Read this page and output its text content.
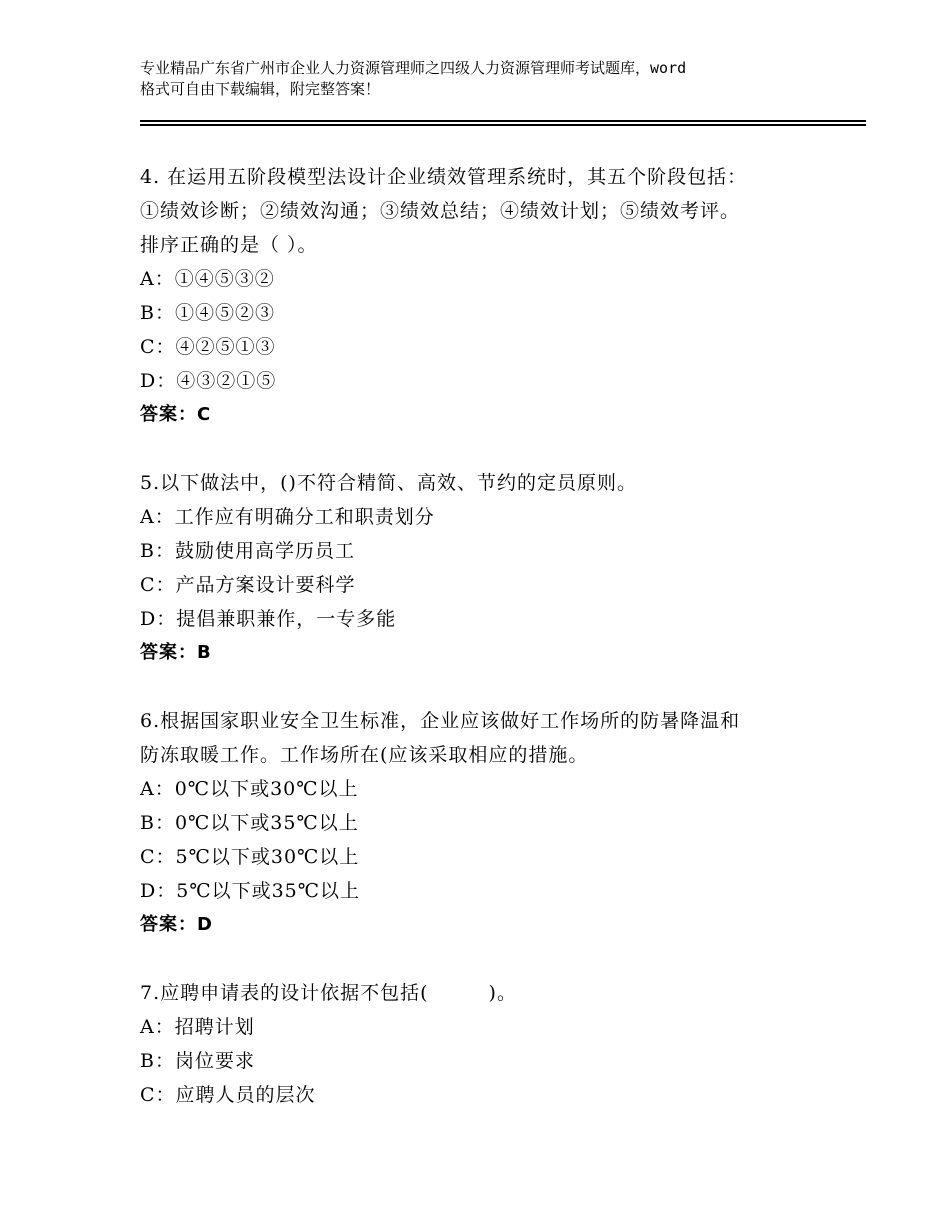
专业精品广东省广州市企业人力资源管理师之四级人力资源管理师考试题库，word
格式可自由下载编辑，附完整答案！
4. 在运用五阶段模型法设计企业绩效管理系统时，其五个阶段包括：
①绩效诊断；②绩效沟通；③绩效总结；④绩效计划；⑤绩效考评。
排序正确的是（ ）。
A：①④⑤③②
B：①④⑤②③
C：④②⑤①③
D：④③②①⑤
答案：C
5.以下做法中，()不符合精简、高效、节约的定员原则。
A：工作应有明确分工和职责划分
B：鼓励使用高学历员工
C：产品方案设计要科学
D：提倡兼职兼作，一专多能
答案：B
6.根据国家职业安全卫生标准，企业应该做好工作场所的防暑降温和
防冻取暖工作。工作场所在(应该采取相应的措施。
A：0℃以下或30℃以上
B：0℃以下或35℃以上
C：5℃以下或30℃以上
D：5℃以下或35℃以上
答案：D
7.应聘申请表的设计依据不包括(　　　)。
A：招聘计划
B：岗位要求
C：应聘人员的层次
